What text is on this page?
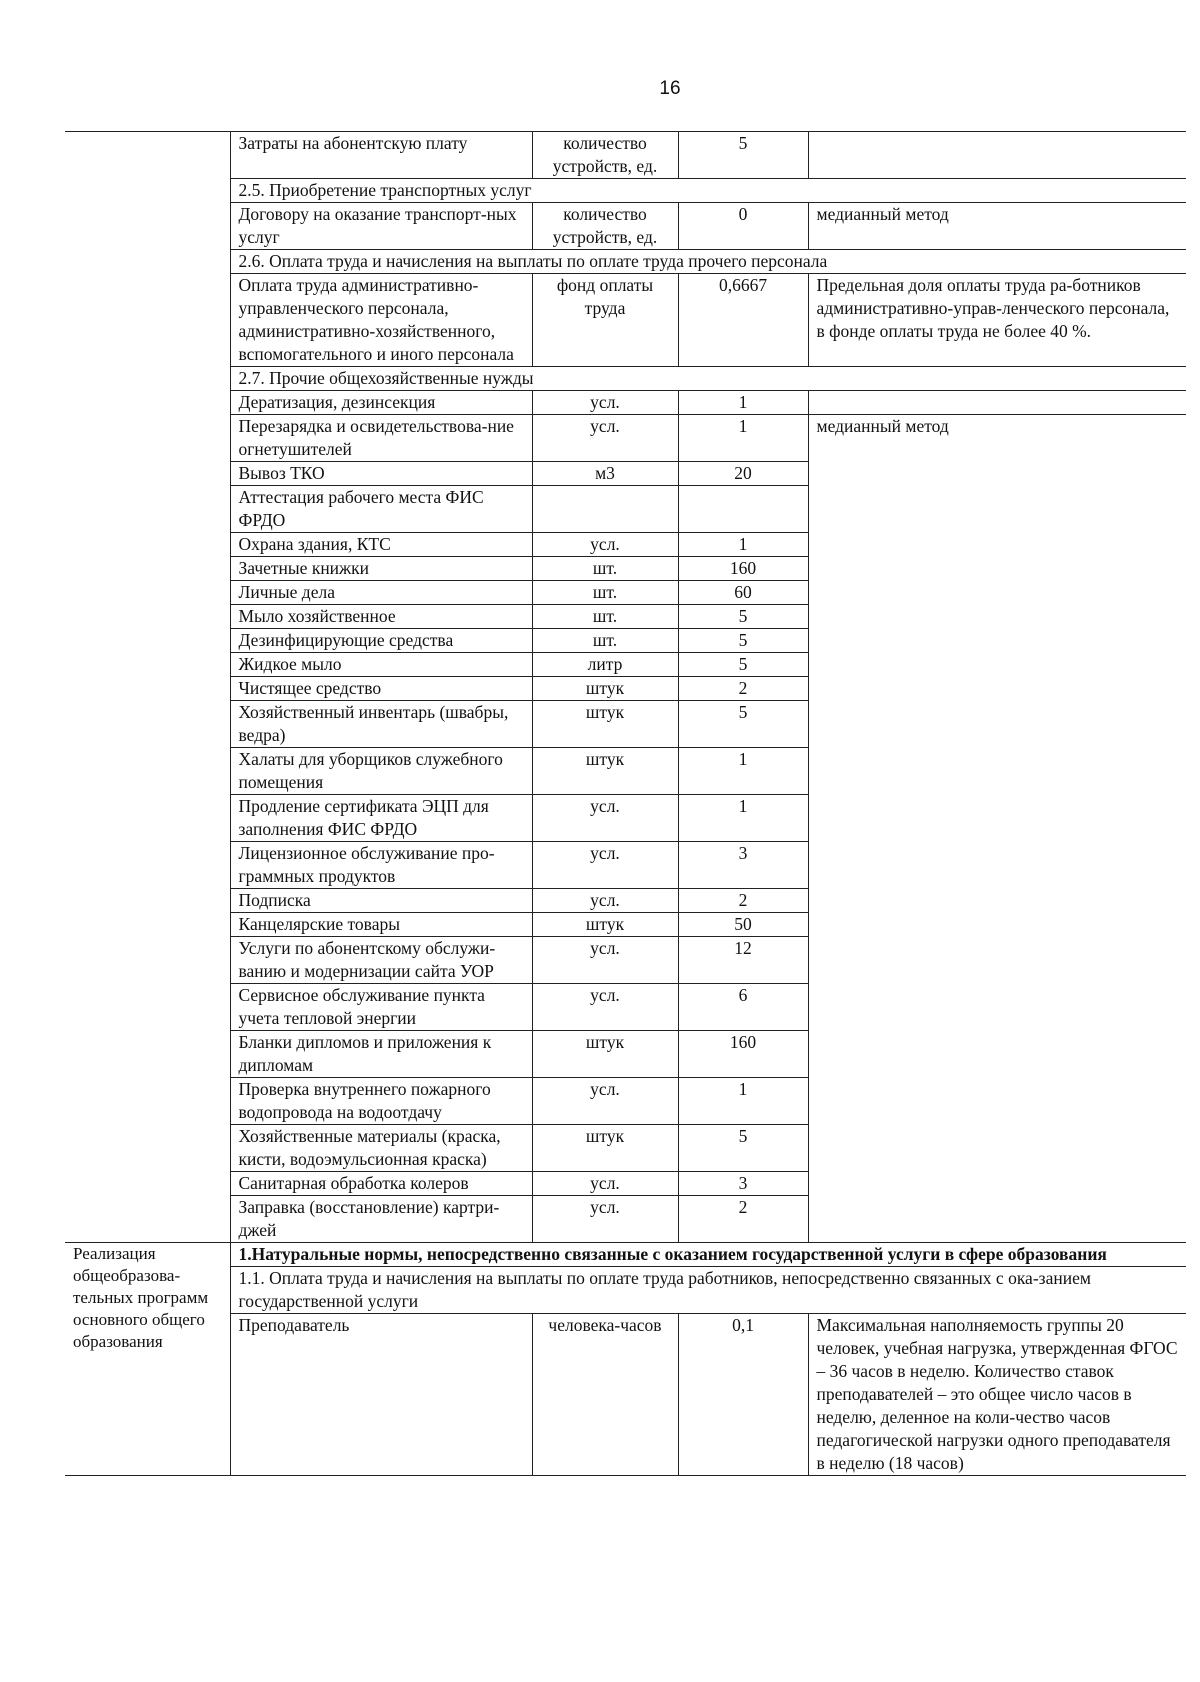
16
	Затраты на абонентскую плату	количество устройств, ед.	5	
	2.5. Приобретение транспортных услуг			
	Договору на оказание транспорт-ных услуг	количество устройств, ед.	0	медианный метод
	2.6. Оплата труда и начисления на выплаты по оплате труда прочего персонала			
	Оплата труда административно-управленческого персонала, административно-хозяйственного, вспомогательного и иного персонала	фонд оплаты труда	0,6667	Предельная доля оплаты труда ра-ботников административно-управ-ленческого персонала, в фонде оплаты труда не более 40 %.
	2.7. Прочие общехозяйственные нужды			
	Дератизация, дезинсекция	усл.	1	
	Перезарядка и освидетельствова-ние огнетушителей	усл.	1	медианный метод
	Вывоз ТКО	м3	20	
	Аттестация рабочего места ФИС ФРДО			
	Охрана здания, КТС	усл.	1	
	Зачетные книжки	шт.	160	
	Личные дела	шт.	60	
	Мыло хозяйственное	шт.	5	
	Дезинфицирующие средства	шт.	5	
	Жидкое мыло	литр	5	
	Чистящее средство	штук	2	
	Хозяйственный инвентарь (швабры, ведра)	штук	5	
	Халаты для уборщиков служебного помещения	штук	1	
	Продление сертификата ЭЦП для заполнения ФИС ФРДО	усл.	1	
	Лицензионное обслуживание про-граммных продуктов	усл.	3	
	Подписка	усл.	2	
	Канцелярские товары	штук	50	
	Услуги по абонентскому обслужи-ванию и модернизации сайта УОР	усл.	12	
	Сервисное обслуживание пункта учета тепловой энергии	усл.	6	
	Бланки дипломов и приложения к дипломам	штук	160	
	Проверка внутреннего пожарного водопровода на водоотдачу	усл.	1	
	Хозяйственные материалы (краска, кисти, водоэмульсионная краска)	штук	5	
	Санитарная обработка колеров	усл.	3	
	Заправка (восстановление) картри-джей	усл.	2	
Реализация общеобразова-тельных программ основного общего образования	1.Натуральные нормы, непосредственно связанные с оказанием государственной услуги в сфере образования			
	1.1. Оплата труда и начисления на выплаты по оплате труда работников, непосредственно связанных с ока-занием государственной услуги			
	Преподаватель	человека-часов	0,1	Максимальная наполняемость группы 20 человек, учебная нагрузка, утвержденная ФГОС – 36 часов в неделю. Количество ставок преподавателей – это общее число часов в неделю, деленное на коли-чество часов педагогической нагрузки одного преподавателя в неделю (18 часов)
